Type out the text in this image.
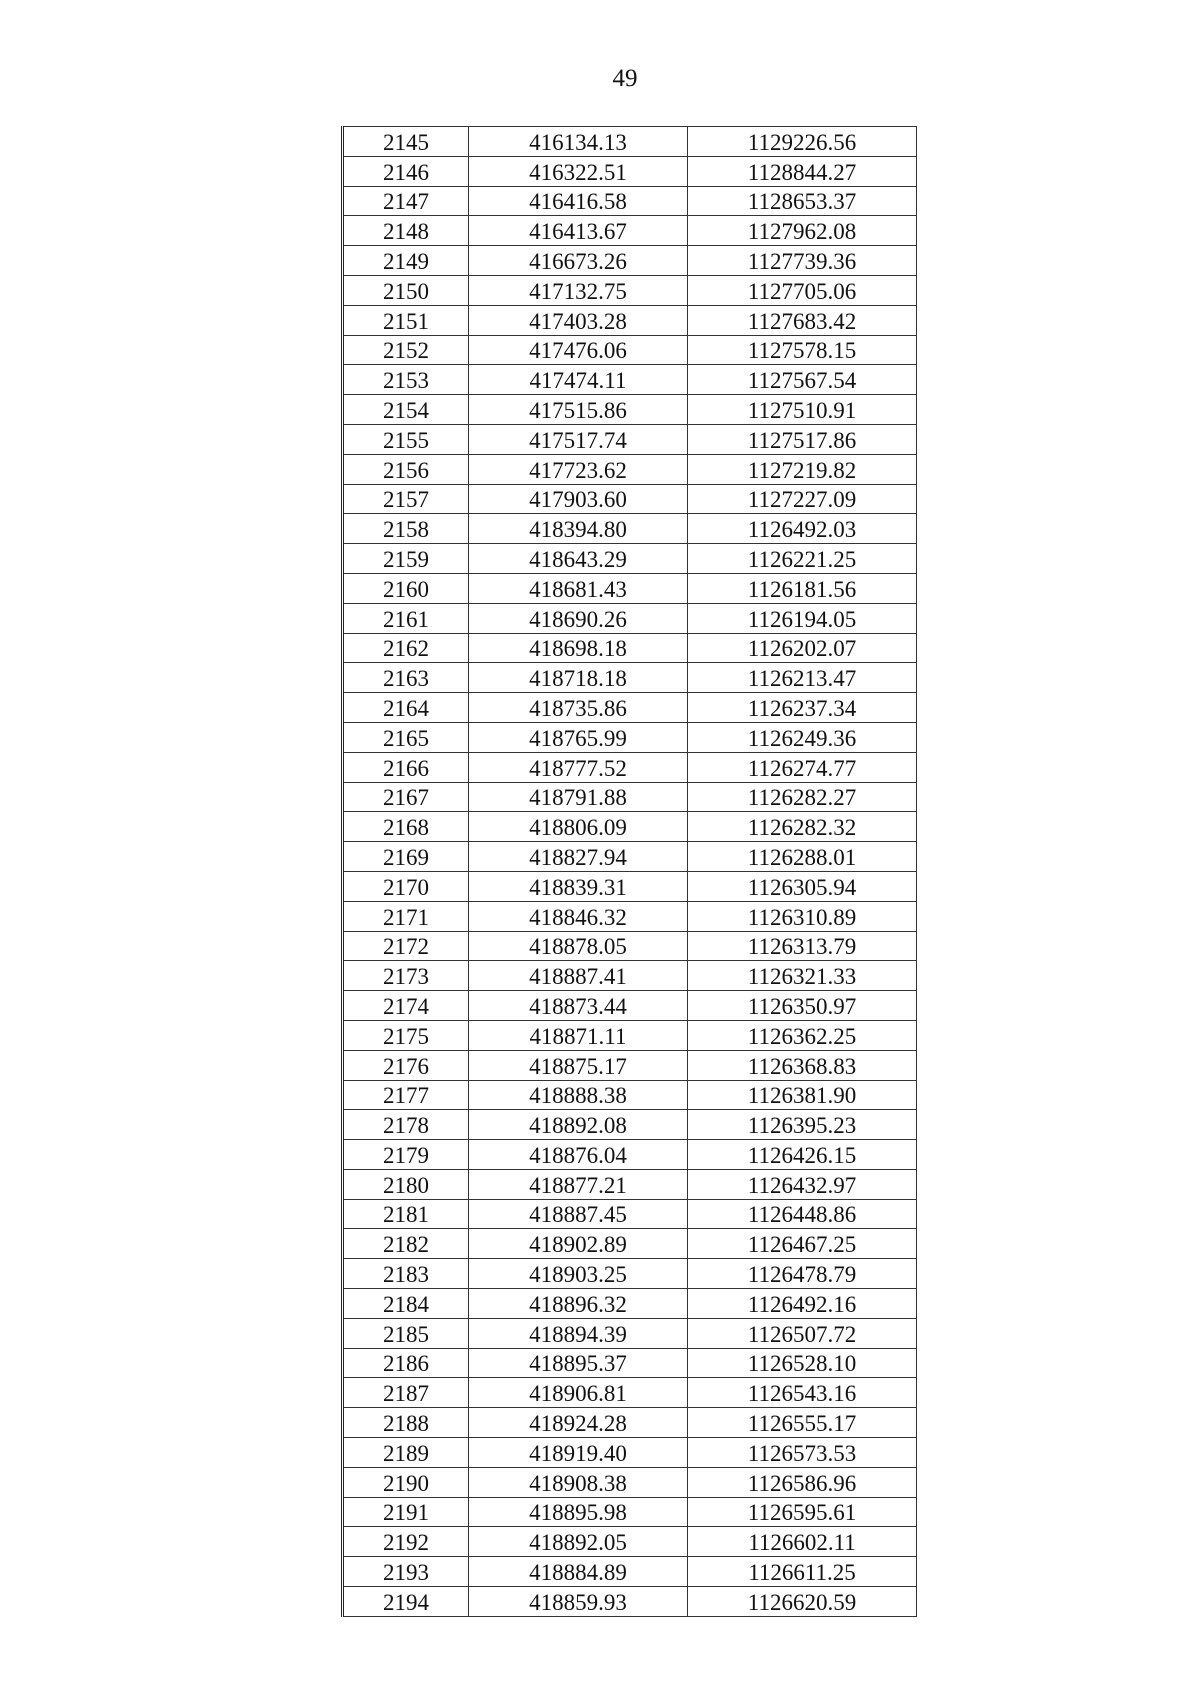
49
2145	416134.13	1129226.56
2146	416322.51	1128844.27
2147	416416.58	1128653.37
2148	416413.67	1127962.08
2149	416673.26	1127739.36
2150	417132.75	1127705.06
2151	417403.28	1127683.42
2152	417476.06	1127578.15
2153	417474.11	1127567.54
2154	417515.86	1127510.91
2155	417517.74	1127517.86
2156	417723.62	1127219.82
2157	417903.60	1127227.09
2158	418394.80	1126492.03
2159	418643.29	1126221.25
2160	418681.43	1126181.56
2161	418690.26	1126194.05
2162	418698.18	1126202.07
2163	418718.18	1126213.47
2164	418735.86	1126237.34
2165	418765.99	1126249.36
2166	418777.52	1126274.77
2167	418791.88	1126282.27
2168	418806.09	1126282.32
2169	418827.94	1126288.01
2170	418839.31	1126305.94
2171	418846.32	1126310.89
2172	418878.05	1126313.79
2173	418887.41	1126321.33
2174	418873.44	1126350.97
2175	418871.11	1126362.25
2176	418875.17	1126368.83
2177	418888.38	1126381.90
2178	418892.08	1126395.23
2179	418876.04	1126426.15
2180	418877.21	1126432.97
2181	418887.45	1126448.86
2182	418902.89	1126467.25
2183	418903.25	1126478.79
2184	418896.32	1126492.16
2185	418894.39	1126507.72
2186	418895.37	1126528.10
2187	418906.81	1126543.16
2188	418924.28	1126555.17
2189	418919.40	1126573.53
2190	418908.38	1126586.96
2191	418895.98	1126595.61
2192	418892.05	1126602.11
2193	418884.89	1126611.25
2194	418859.93	1126620.59
